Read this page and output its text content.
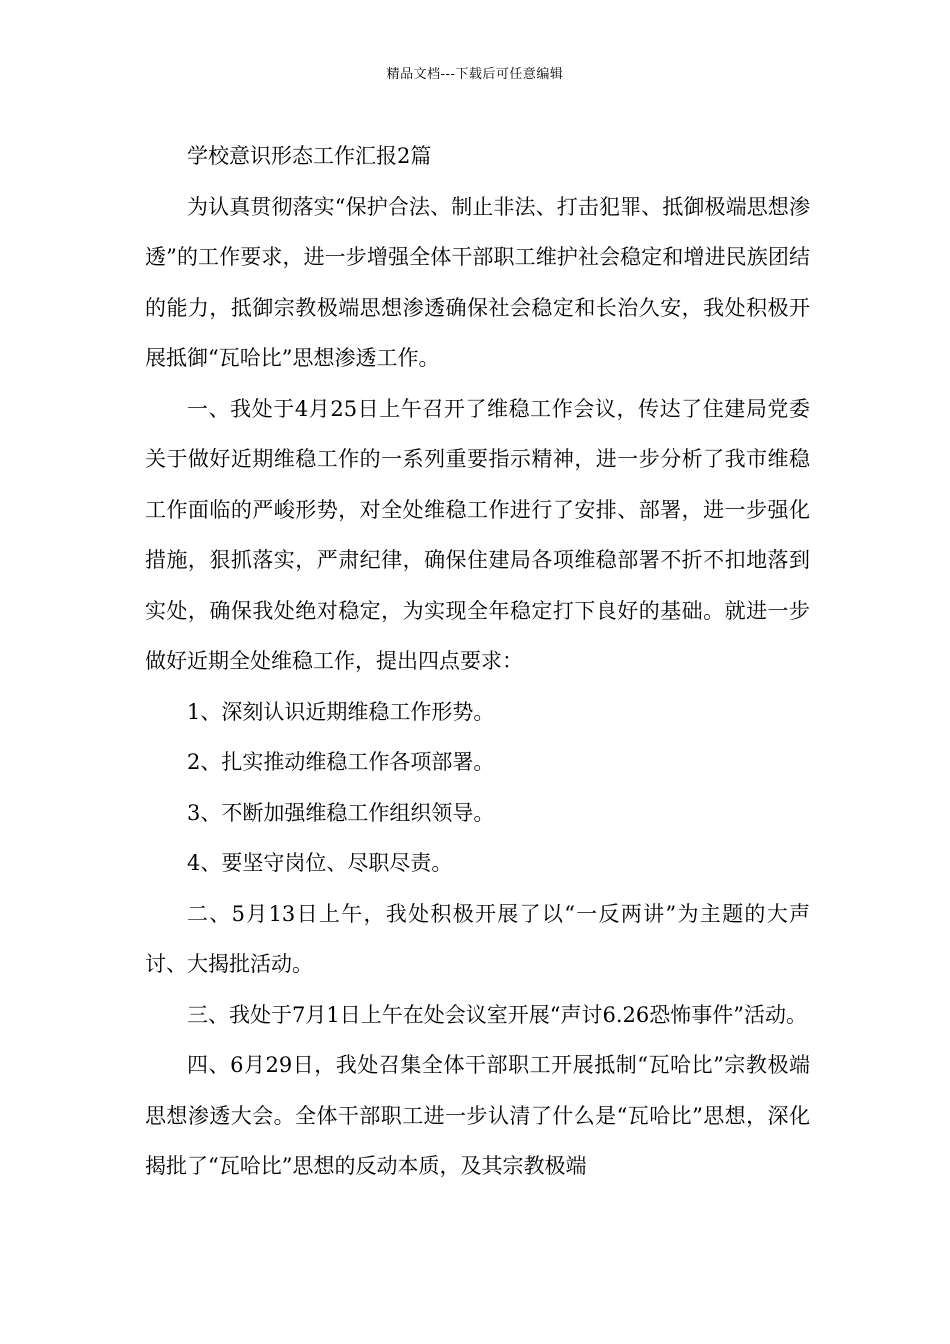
精品文档---下载后可任意编辑

学校意识形态工作汇报2篇

为认真贯彻落实“保护合法、制止非法、打击犯罪、抵御极端思想渗透”的工作要求，进一步增强全体干部职工维护社会稳定和增进民族团结的能力，抵御宗教极端思想渗透确保社会稳定和长治久安，我处积极开展抵御“瓦哈比”思想渗透工作。

一、我处于4月25日上午召开了维稳工作会议，传达了住建局党委关于做好近期维稳工作的一系列重要指示精神，进一步分析了我市维稳工作面临的严峻形势，对全处维稳工作进行了安排、部署，进一步强化措施，狠抓落实，严肃纪律，确保住建局各项维稳部署不折不扣地落到实处，确保我处绝对稳定，为实现全年稳定打下良好的基础。就进一步做好近期全处维稳工作，提出四点要求：

1、深刻认识近期维稳工作形势。

2、扎实推动维稳工作各项部署。

3、不断加强维稳工作组织领导。

4、要坚守岗位、尽职尽责。

二、5月13日上午，我处积极开展了以“一反两讲”为主题的大声讨、大揭批活动。

三、我处于7月1日上午在处会议室开展“声讨6.26恐怖事件”活动。

四、6月29日，我处召集全体干部职工开展抵制“瓦哈比”宗教极端思想渗透大会。全体干部职工进一步认清了什么是“瓦哈比”思想，深化揭批了“瓦哈比”思想的反动本质，及其宗教极端
